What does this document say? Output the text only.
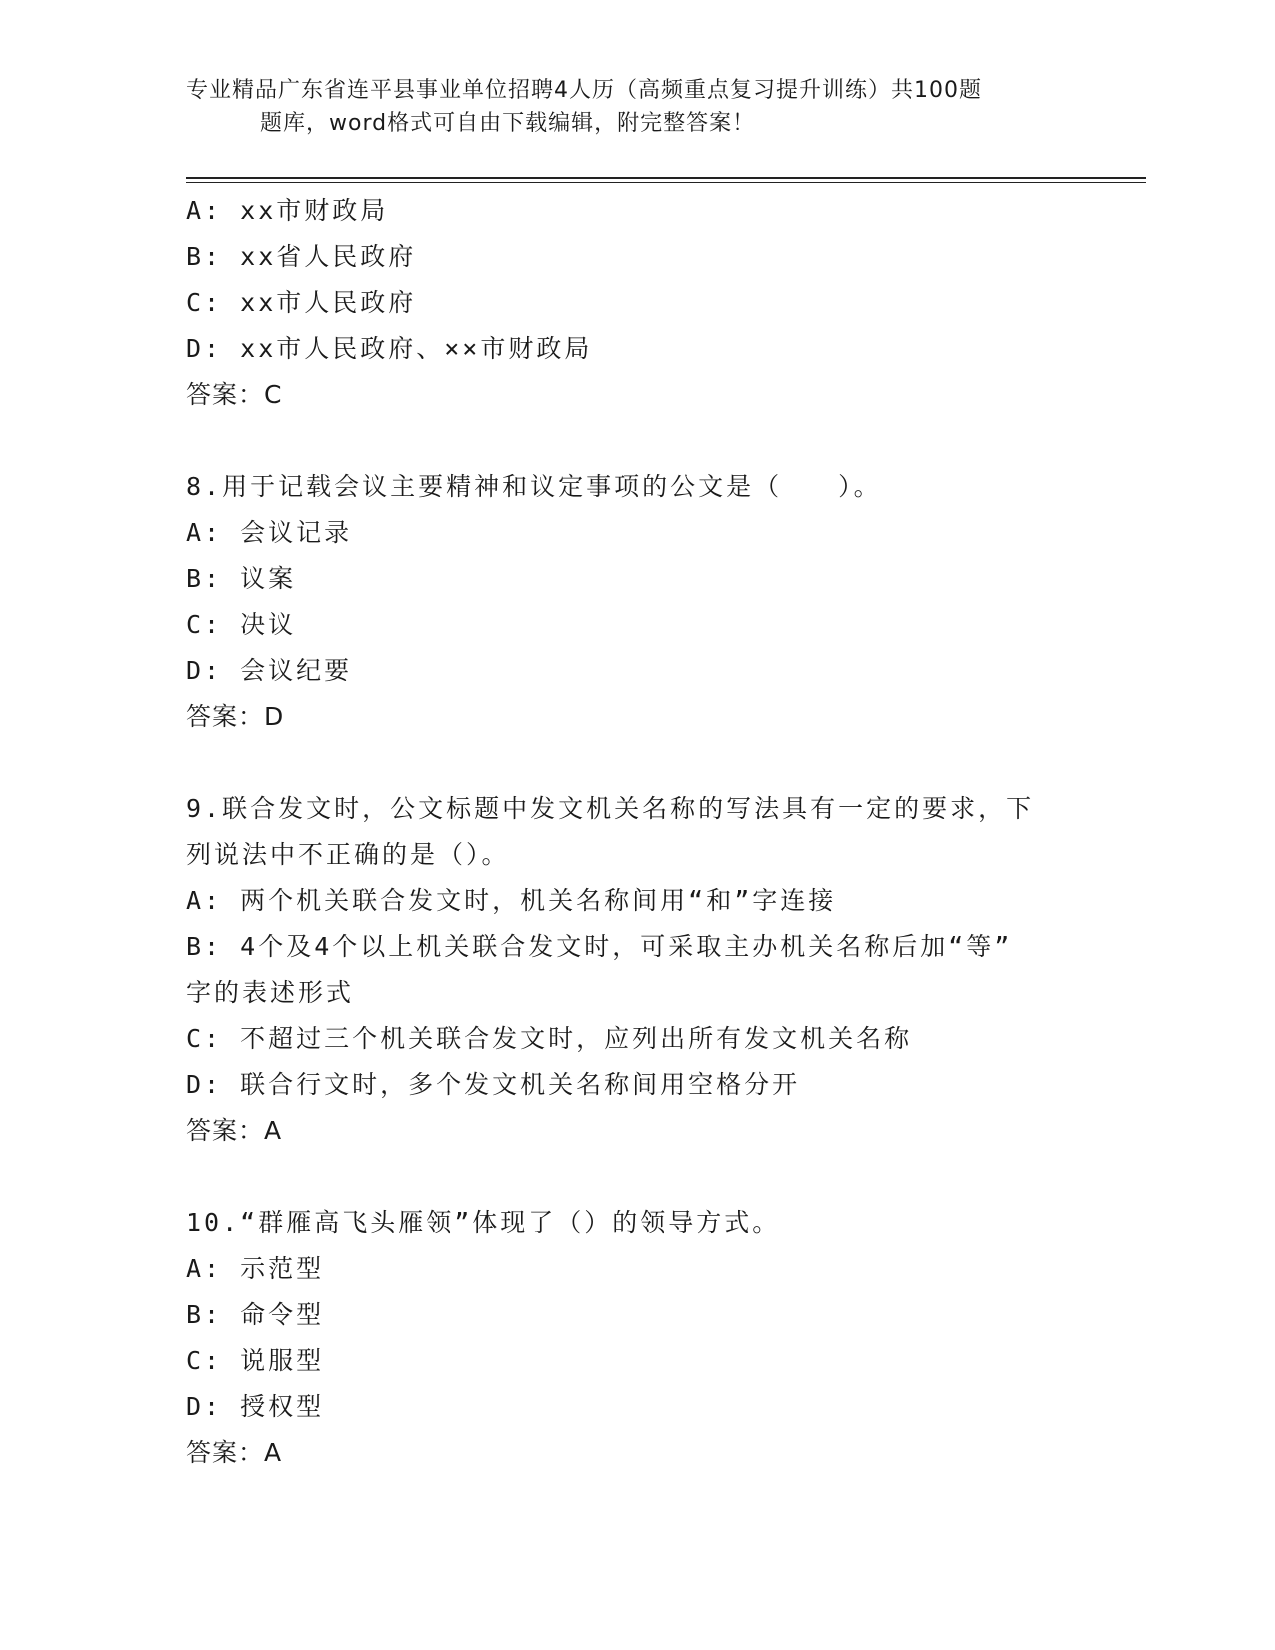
专业精品广东省连平县事业单位招聘4人历（高频重点复习提升训练）共100题
题库，word格式可自由下载编辑，附完整答案！
A: xx市财政局
B: xx省人民政府
C: xx市人民政府
D: xx市人民政府、××市财政局
答案：C
8.用于记载会议主要精神和议定事项的公文是（　　）。
A: 会议记录
B: 议案
C: 决议
D: 会议纪要
答案：D
9.联合发文时，公文标题中发文机关名称的写法具有一定的要求，下
列说法中不正确的是（）。
A: 两个机关联合发文时，机关名称间用“和”字连接
B: 4个及4个以上机关联合发文时，可采取主办机关名称后加“等”
字的表述形式
C: 不超过三个机关联合发文时，应列出所有发文机关名称
D: 联合行文时，多个发文机关名称间用空格分开
答案：A
10.“群雁高飞头雁领”体现了（）的领导方式。
A: 示范型
B: 命令型
C: 说服型
D: 授权型
答案：A
